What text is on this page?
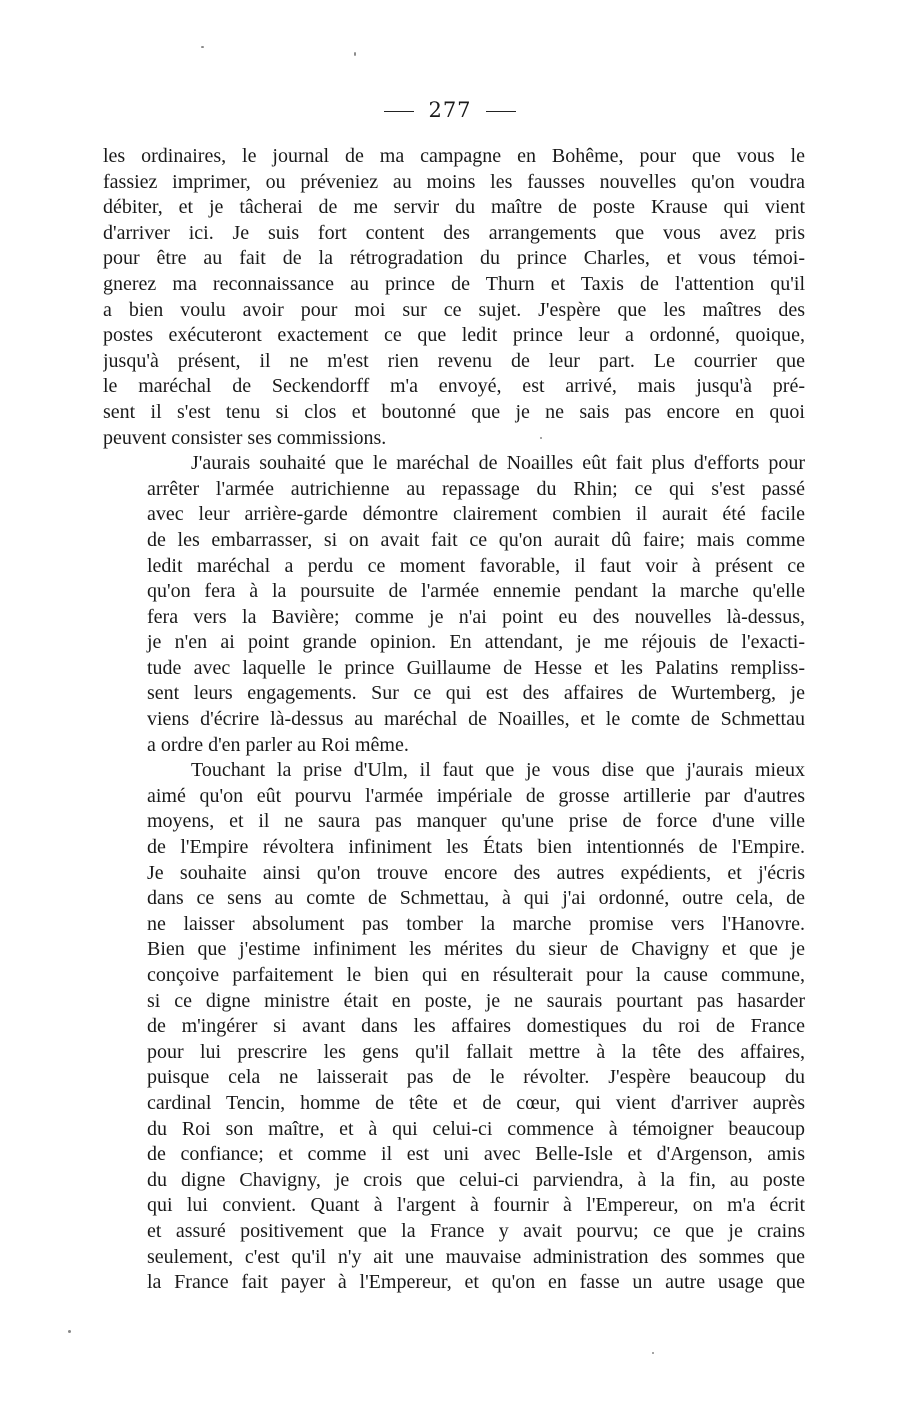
277
les ordinaires, le journal de ma campagne en Bohême, pour que vous le
fassiez imprimer, ou préveniez au moins les fausses nouvelles qu'on voudra
débiter, et je tâcherai de me servir du maître de poste Krause qui vient
d'arriver ici. Je suis fort content des arrangements que vous avez pris
pour être au fait de la rétrogradation du prince Charles, et vous témoi-
gnerez ma reconnaissance au prince de Thurn et Taxis de l'attention qu'il
a bien voulu avoir pour moi sur ce sujet. J'espère que les maîtres des
postes exécuteront exactement ce que ledit prince leur a ordonné, quoique,
jusqu'à présent, il ne m'est rien revenu de leur part. Le courrier que
le maréchal de Seckendorff m'a envoyé, est arrivé, mais jusqu'à pré-
sent il s'est tenu si clos et boutonné que je ne sais pas encore en quoi
peuvent consister ses commissions.
J'aurais souhaité que le maréchal de Noailles eût fait plus d'efforts pour
arrêter l'armée autrichienne au repassage du Rhin; ce qui s'est passé
avec leur arrière-garde démontre clairement combien il aurait été facile
de les embarrasser, si on avait fait ce qu'on aurait dû faire; mais comme
ledit maréchal a perdu ce moment favorable, il faut voir à présent ce
qu'on fera à la poursuite de l'armée ennemie pendant la marche qu'elle
fera vers la Bavière; comme je n'ai point eu des nouvelles là-dessus,
je n'en ai point grande opinion. En attendant, je me réjouis de l'exacti-
tude avec laquelle le prince Guillaume de Hesse et les Palatins rempliss-
sent leurs engagements. Sur ce qui est des affaires de Wurtemberg, je
viens d'écrire là-dessus au maréchal de Noailles, et le comte de Schmettau
a ordre d'en parler au Roi même.
Touchant la prise d'Ulm, il faut que je vous dise que j'aurais mieux
aimé qu'on eût pourvu l'armée impériale de grosse artillerie par d'autres
moyens, et il ne saura pas manquer qu'une prise de force d'une ville
de l'Empire révoltera infiniment les États bien intentionnés de l'Empire.
Je souhaite ainsi qu'on trouve encore des autres expédients, et j'écris
dans ce sens au comte de Schmettau, à qui j'ai ordonné, outre cela, de
ne laisser absolument pas tomber la marche promise vers l'Hanovre.
Bien que j'estime infiniment les mérites du sieur de Chavigny et que je
conçoive parfaitement le bien qui en résulterait pour la cause commune,
si ce digne ministre était en poste, je ne saurais pourtant pas hasarder
de m'ingérer si avant dans les affaires domestiques du roi de France
pour lui prescrire les gens qu'il fallait mettre à la tête des affaires,
puisque cela ne laisserait pas de le révolter. J'espère beaucoup du
cardinal Tencin, homme de tête et de cœur, qui vient d'arriver auprès
du Roi son maître, et à qui celui-ci commence à témoigner beaucoup
de confiance; et comme il est uni avec Belle-Isle et d'Argenson, amis
du digne Chavigny, je crois que celui-ci parviendra, à la fin, au poste
qui lui convient. Quant à l'argent à fournir à l'Empereur, on m'a écrit
et assuré positivement que la France y avait pourvu; ce que je crains
seulement, c'est qu'il n'y ait une mauvaise administration des sommes que
la France fait payer à l'Empereur, et qu'on en fasse un autre usage que
